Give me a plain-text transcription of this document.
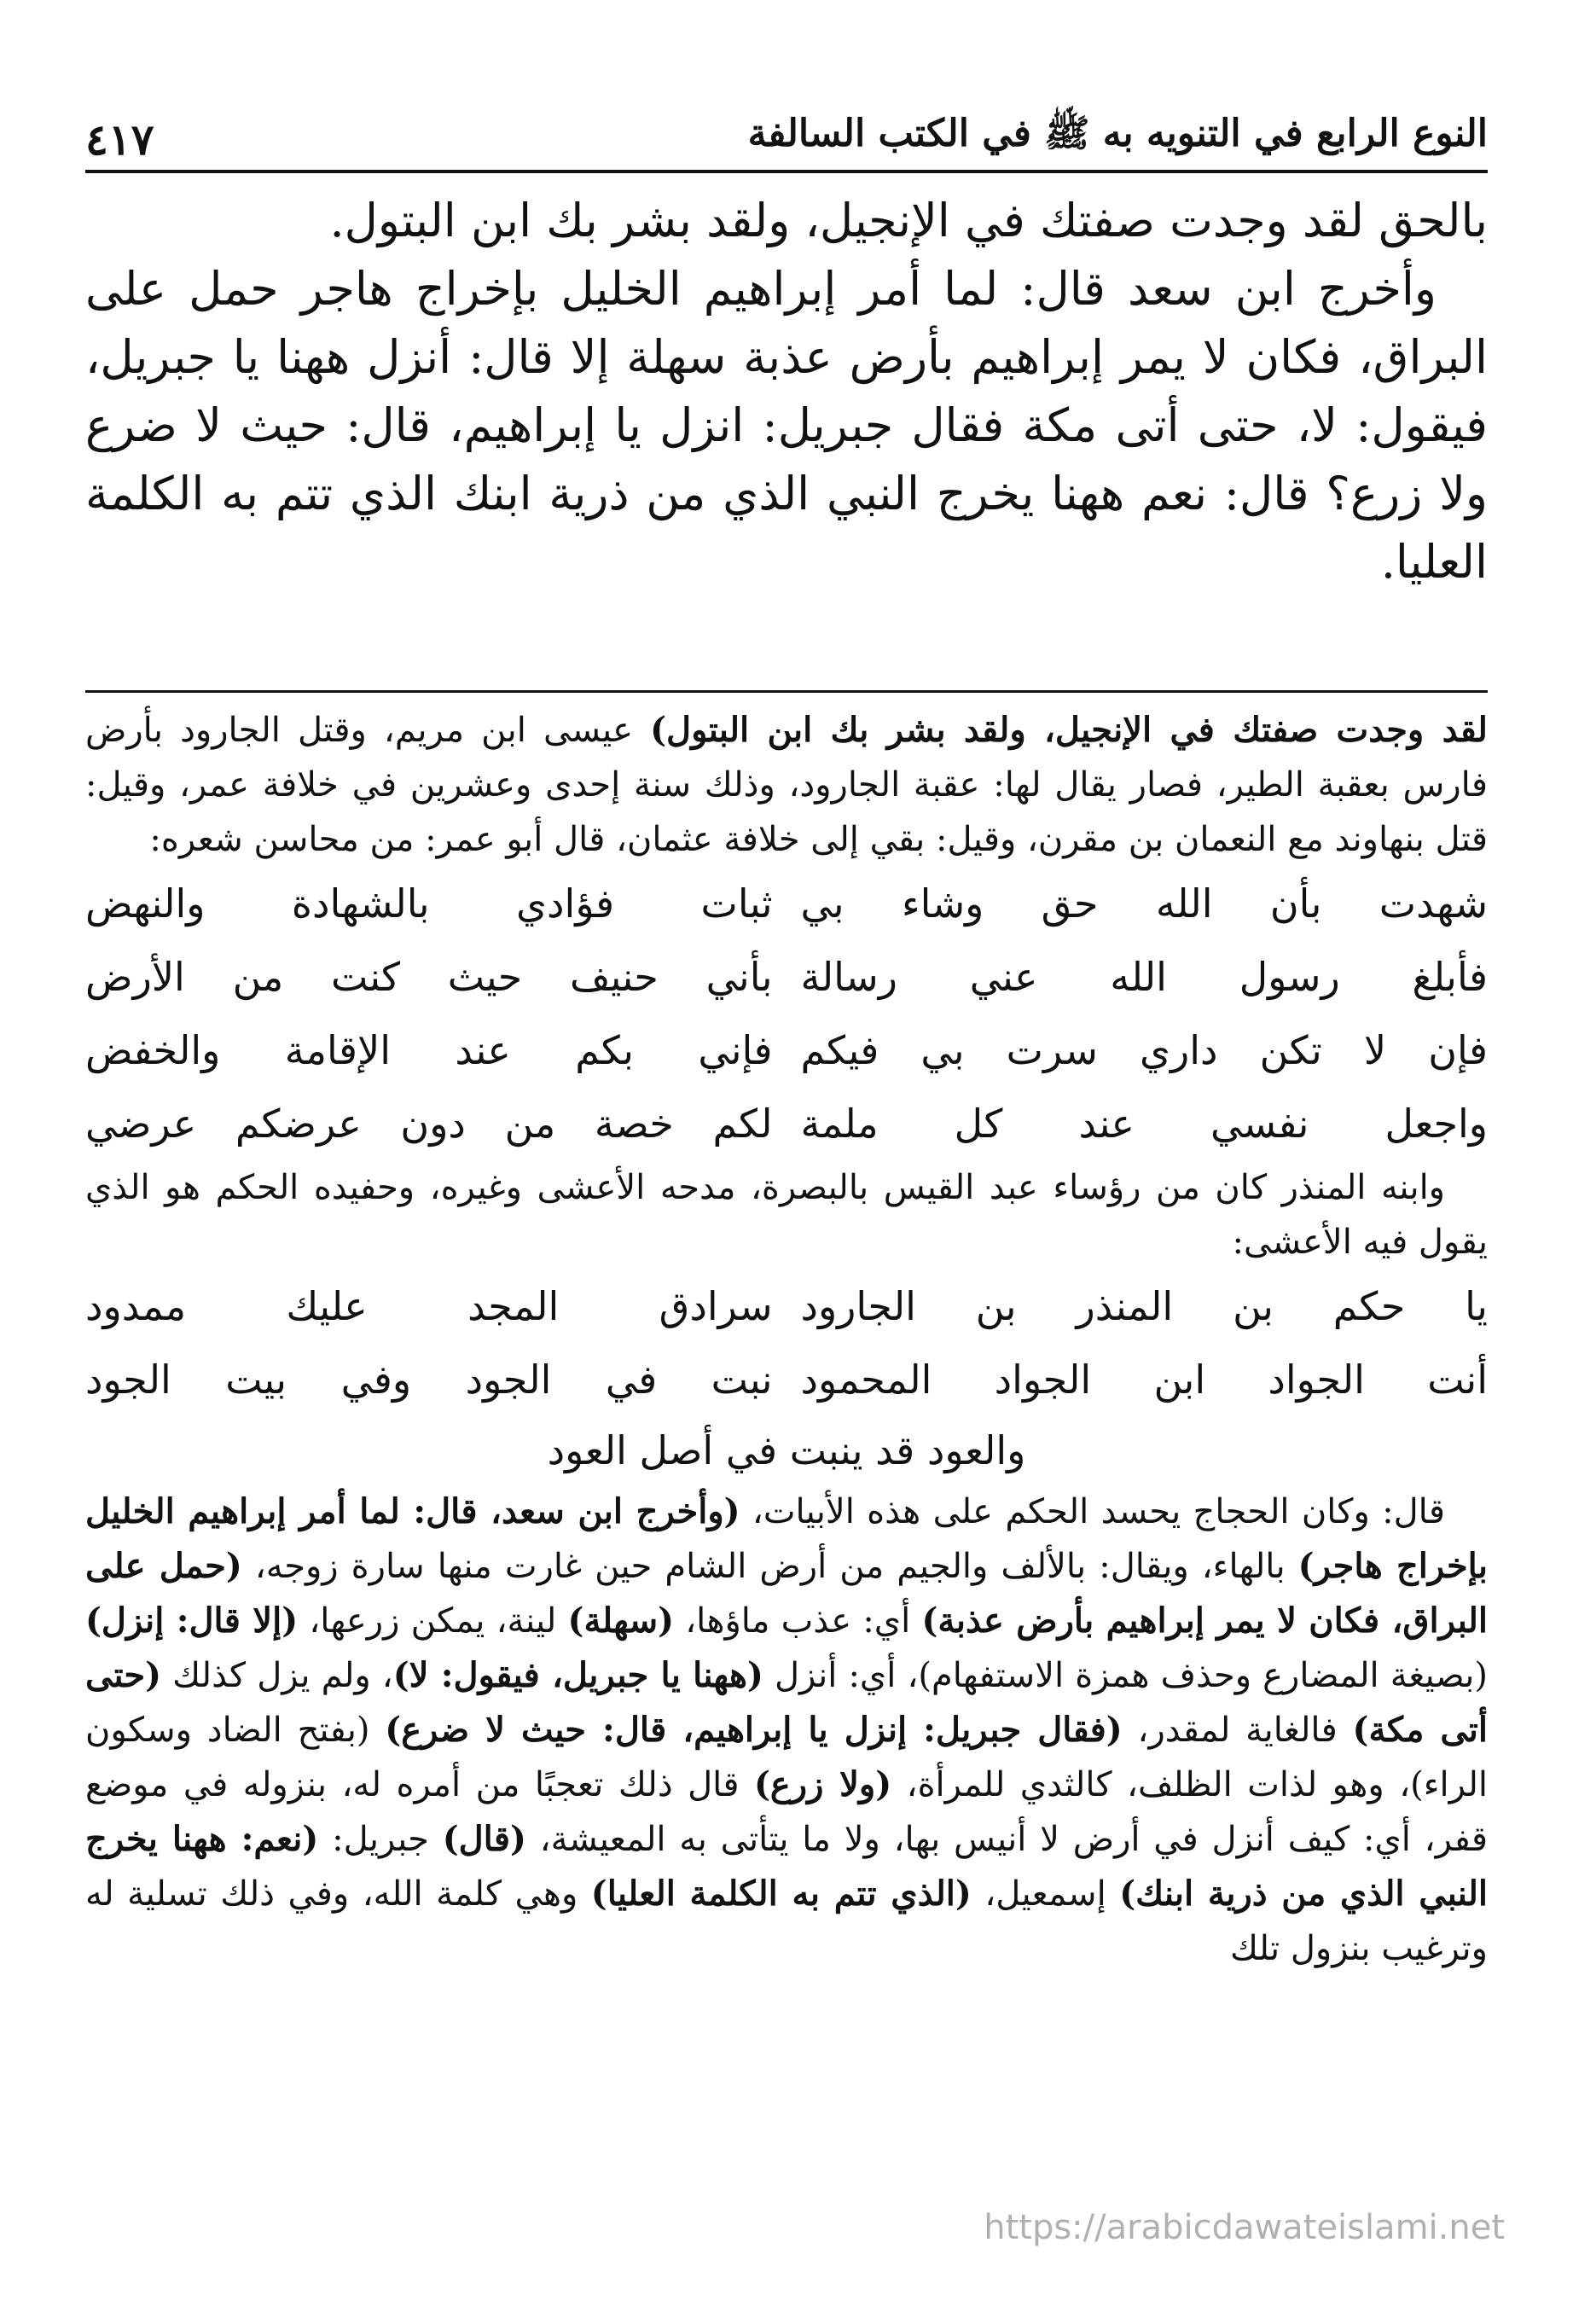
النوع الرابع في التنويه به ﷺ في الكتب السالفة
٤١٧

بالحق لقد وجدت صفتك في الإنجيل، ولقد بشر بك ابن البتول.

وأخرج ابن سعد قال: لما أمر إبراهيم الخليل بإخراج هاجر حمل على البراق، فكان لا يمر إبراهيم بأرض عذبة سهلة إلا قال: أنزل ههنا يا جبريل، فيقول: لا، حتى أتى مكة فقال جبريل: انزل يا إبراهيم، قال: حيث لا ضرع ولا زرع؟ قال: نعم ههنا يخرج النبي الذي من ذرية ابنك الذي تتم به الكلمة العليا.

لقد وجدت صفتك في الإنجيل، ولقد بشر بك ابن البتول) عيسى ابن مريم، وقتل الجارود بأرض فارس بعقبة الطير، فصار يقال لها: عقبة الجارود، وذلك سنة إحدى وعشرين في خلافة عمر، وقيل: قتل بنهاوند مع النعمان بن مقرن، وقيل: بقي إلى خلافة عثمان، قال أبو عمر: من محاسن شعره:

شهدت بأن الله حق وشاء بي
ثبات فؤادي بالشهادة والنهض
فأبلغ رسول الله عني رسالة
بأني حنيف حيث كنت من الأرض
فإن لا تكن داري سرت بي فيكم
فإني بكم عند الإقامة والخفض
واجعل نفسي عند كل ملمة
لكم خصة من دون عرضكم عرضي

وابنه المنذر كان من رؤساء عبد القيس بالبصرة، مدحه الأعشى وغيره، وحفيده الحكم هو الذي يقول فيه الأعشى:

يا حكم بن المنذر بن الجارود
سرادق المجد عليك ممدود
أنت الجواد ابن الجواد المحمود
نبت في الجود وفي بيت الجود
والعود قد ينبت في أصل العود

قال: وكان الحجاج يحسد الحكم على هذه الأبيات، (وأخرج ابن سعد، قال: لما أمر إبراهيم الخليل بإخراج هاجر) بالهاء، ويقال: بالألف والجيم من أرض الشام حين غارت منها سارة زوجه، (حمل على البراق، فكان لا يمر إبراهيم بأرض عذبة) أي: عذب ماؤها، (سهلة) لينة، يمكن زرعها، (إلا قال: إنزل) (بصيغة المضارع وحذف همزة الاستفهام)، أي: أنزل (ههنا يا جبريل، فيقول: لا)، ولم يزل كذلك (حتى أتى مكة) فالغاية لمقدر، (فقال جبريل: إنزل يا إبراهيم، قال: حيث لا ضرع) (بفتح الضاد وسكون الراء)، وهو لذات الظلف، كالثدي للمرأة، (ولا زرع) قال ذلك تعجبًا من أمره له، بنزوله في موضع قفر، أي: كيف أنزل في أرض لا أنيس بها، ولا ما يتأتى به المعيشة، (قال) جبريل: (نعم: ههنا يخرج النبي الذي من ذرية ابنك) إسمعيل، (الذي تتم به الكلمة العليا) وهي كلمة الله، وفي ذلك تسلية له وترغيب بنزول تلك

https://arabicdawateislami.net
